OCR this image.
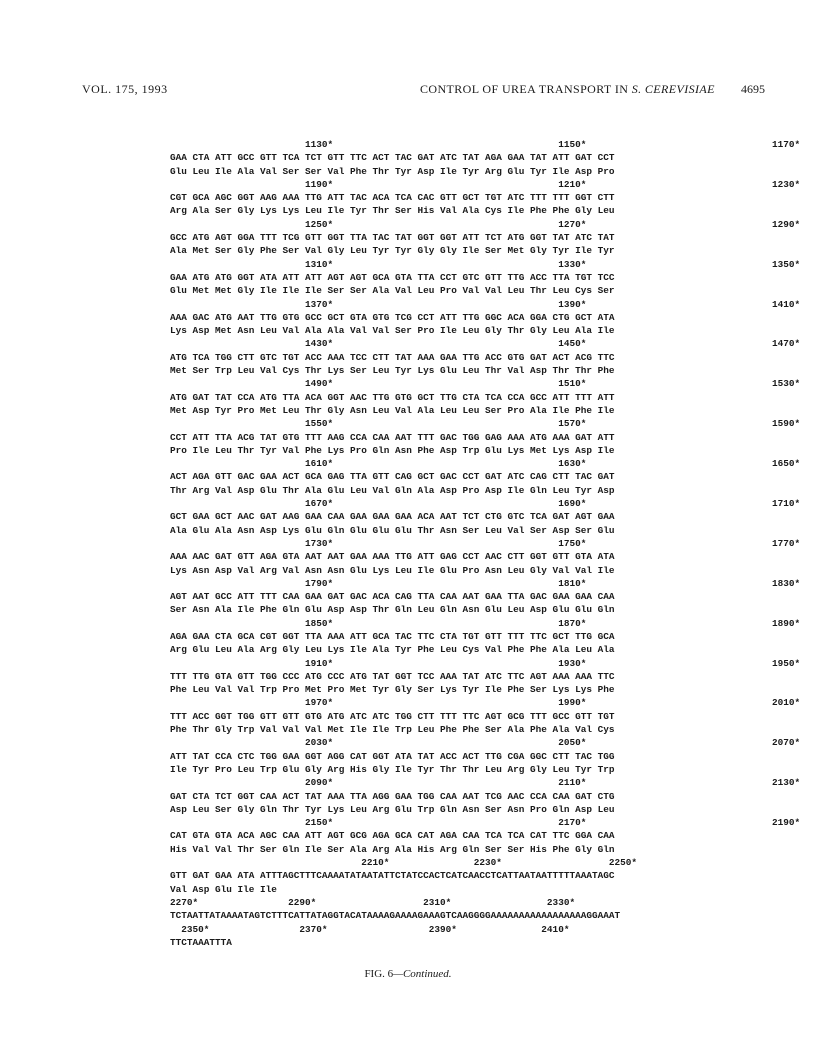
VOL. 175, 1993	CONTROL OF UREA TRANSPORT IN S. CEREVISIAE 4695
1130*                                        1150*                                 1170*
GAA CTA ATT GCC GTT TCA TCT GTT TTC ACT TAC GAT ATC TAT AGA GAA TAT ATT GAT CCT
Glu Leu Ile Ala Val Ser Ser Val Phe Thr Tyr Asp Ile Tyr Arg Glu Tyr Ile Asp Pro
1190*                                        1210*                                 1230*
CGT GCA AGC GGT AAG AAA TTG ATT TAC ACA TCA CAC GTT GCT TGT ATC TTT TTT GGT CTT
Arg Ala Ser Gly Lys Lys Leu Ile Tyr Thr Ser His Val Ala Cys Ile Phe Phe Gly Leu
1250*                                        1270*                                 1290*
GCC ATG AGT GGA TTT TCG GTT GGT TTA TAC TAT GGT GGT ATT TCT ATG GGT TAT ATC TAT
Ala Met Ser Gly Phe Ser Val Gly Leu Tyr Tyr Gly Gly Ile Ser Met Gly Tyr Ile Tyr
1310*                                        1330*                                 1350*
GAA ATG ATG GGT ATA ATT ATT AGT AGT GCA GTA TTA CCT GTC GTT TTG ACC TTA TGT TCC
Glu Met Met Gly Ile Ile Ile Ser Ser Ala Val Leu Pro Val Val Leu Thr Leu Cys Ser
1370*                                        1390*                                 1410*
AAA GAC ATG AAT TTG GTG GCC GCT GTA GTG TCG CCT ATT TTG GGC ACA GGA CTG GCT ATA
Lys Asp Met Asn Leu Val Ala Ala Val Val Ser Pro Ile Leu Gly Thr Gly Leu Ala Ile
1430*                                        1450*                                 1470*
ATG TCA TGG CTT GTC TGT ACC AAA TCC CTT TAT AAA GAA TTG ACC GTG GAT ACT ACG TTC
Met Ser Trp Leu Val Cys Thr Lys Ser Leu Tyr Lys Glu Leu Thr Val Asp Thr Thr Phe
1490*                                        1510*                                 1530*
ATG GAT TAT CCA ATG TTA ACA GGT AAC TTG GTG GCT TTG CTA TCA CCA GCC ATT TTT ATT
Met Asp Tyr Pro Met Leu Thr Gly Asn Leu Val Ala Leu Leu Ser Pro Ala Ile Phe Ile
1550*                                        1570*                                 1590*
CCT ATT TTA ACG TAT GTG TTT AAG CCA CAA AAT TTT GAC TGG GAG AAA ATG AAA GAT ATT
Pro Ile Leu Thr Tyr Val Phe Lys Pro Gln Asn Phe Asp Trp Glu Lys Met Lys Asp Ile
1610*                                        1630*                                 1650*
ACT AGA GTT GAC GAA ACT GCA GAG TTA GTT CAG GCT GAC CCT GAT ATC CAG CTT TAC GAT
Thr Arg Val Asp Glu Thr Ala Glu Leu Val Gln Ala Asp Pro Asp Ile Gln Leu Tyr Asp
1670*                                        1690*                                 1710*
GCT GAA GCT AAC GAT AAG GAA CAA GAA GAA GAA ACA AAT TCT CTG GTC TCA GAT AGT GAA
Ala Glu Ala Asn Asp Lys Glu Gln Glu Glu Glu Thr Asn Ser Leu Val Ser Asp Ser Glu
1730*                                        1750*                                 1770*
AAA AAC GAT GTT AGA GTA AAT AAT GAA AAA TTG ATT GAG CCT AAC CTT GGT GTT GTA ATA
Lys Asn Asp Val Arg Val Asn Asn Glu Lys Leu Ile Glu Pro Asn Leu Gly Val Val Ile
1790*                                        1810*                                 1830*
AGT AAT GCC ATT TTT CAA GAA GAT GAC ACA CAG TTA CAA AAT GAA TTA GAC GAA GAA CAA
Ser Asn Ala Ile Phe Gln Glu Asp Asp Thr Gln Leu Gln Asn Glu Leu Asp Glu Glu Gln
1850*                                        1870*                                 1890*
AGA GAA CTA GCA CGT GGT TTA AAA ATT GCA TAC TTC CTA TGT GTT TTT TTC GCT TTG GCA
Arg Glu Leu Ala Arg Gly Leu Lys Ile Ala Tyr Phe Leu Cys Val Phe Phe Ala Leu Ala
1910*                                        1930*                                 1950*
TTT TTG GTA GTT TGG CCC ATG CCC ATG TAT GGT TCC AAA TAT ATC TTC AGT AAA AAA TTC
Phe Leu Val Val Trp Pro Met Pro Met Tyr Gly Ser Lys Tyr Ile Phe Ser Lys Lys Phe
1970*                                        1990*                                 2010*
TTT ACC GGT TGG GTT GTT GTG ATG ATC ATC TGG CTT TTT TTC AGT GCG TTT GCC GTT TGT
Phe Thr Gly Trp Val Val Val Met Ile Ile Trp Leu Phe Phe Ser Ala Phe Ala Val Cys
2030*                                        2050*                                 2070*
ATT TAT CCA CTC TGG GAA GGT AGG CAT GGT ATA TAT ACC ACT TTG CGA GGC CTT TAC TGG
Ile Tyr Pro Leu Trp Glu Gly Arg His Gly Ile Tyr Thr Thr Leu Arg Gly Leu Tyr Trp
2090*                                        2110*                                 2130*
GAT CTA TCT GGT CAA ACT TAT AAA TTA AGG GAA TGG CAA AAT TCG AAC CCA CAA GAT CTG
Asp Leu Ser Gly Gln Thr Tyr Lys Leu Arg Glu Trp Gln Asn Ser Asn Pro Gln Asp Leu
2150*                                        2170*                                 2190*
CAT GTA GTA ACA AGC CAA ATT AGT GCG AGA GCA CAT AGA CAA TCA TCA CAT TTC GGA CAA
His Val Val Thr Ser Gln Ile Ser Ala Arg Ala His Arg Gln Ser Ser His Phe Gly Gln
2210*               2230*                   2250*
GTT GAT GAA ATA ATTTAGCTTTCAAAATATAATATTCTATCCACTCATCAACCTCATTAATAATTTTTAAATAGC
Val Asp Glu Ile Ile
2270*                2290*                   2310*                 2330*
TCTAATTATAAAATAGTCTTTCATTATAGGTACATAAAAGAAAAGAAAGTCAAGGGGAAAAAAAAAAAAAAAAAGGAAAT
2350*                2370*                  2390*               2410*
TTCTAAATTTA
FIG. 6—Continued.
